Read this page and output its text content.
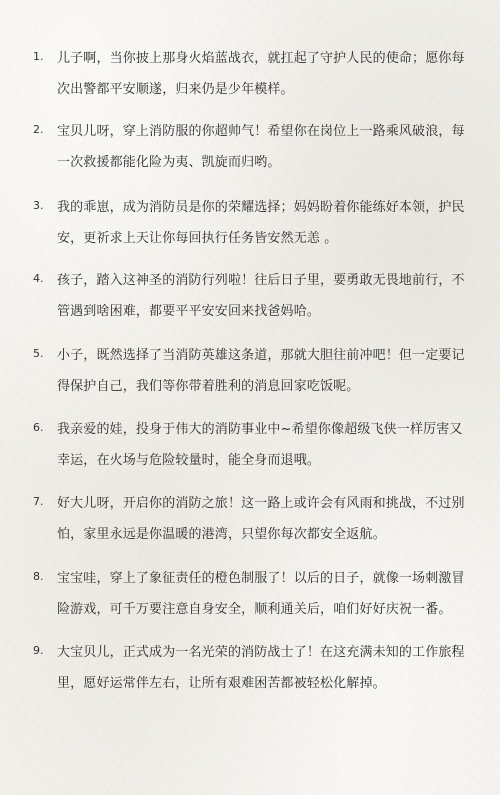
1. 儿子啊，当你披上那身火焰蓝战衣，就扛起了守护人民的使命；愿你每次出警都平安顺遂，归来仍是少年模样。
2. 宝贝儿呀，穿上消防服的你超帅气！希望你在岗位上一路乘风破浪，每一次救援都能化险为夷、凯旋而归哟。
3. 我的乖崽，成为消防员是你的荣耀选择；妈妈盼着你能练好本领，护民安，更祈求上天让你每回执行任务皆安然无恙 。
4. 孩子，踏入这神圣的消防行列啦！往后日子里，要勇敢无畏地前行，不管遇到啥困难，都要平平安安回来找爸妈哈。
5. 小子，既然选择了当消防英雄这条道，那就大胆往前冲吧！但一定要记得保护自己，我们等你带着胜利的消息回家吃饭呢。
6. 我亲爱的娃，投身于伟大的消防事业中~希望你像超级飞侠一样厉害又幸运，在火场与危险较量时，能全身而退哦。
7. 好大儿呀，开启你的消防之旅！这一路上或许会有风雨和挑战，不过别怕，家里永远是你温暖的港湾，只望你每次都安全返航。
8. 宝宝哇，穿上了象征责任的橙色制服了！以后的日子，就像一场刺激冒险游戏，可千万要注意自身安全，顺利通关后，咱们好好庆祝一番。
9. 大宝贝儿，正式成为一名光荣的消防战士了！在这充满未知的工作旅程里，愿好运常伴左右，让所有艰难困苦都被轻松化解掉。
